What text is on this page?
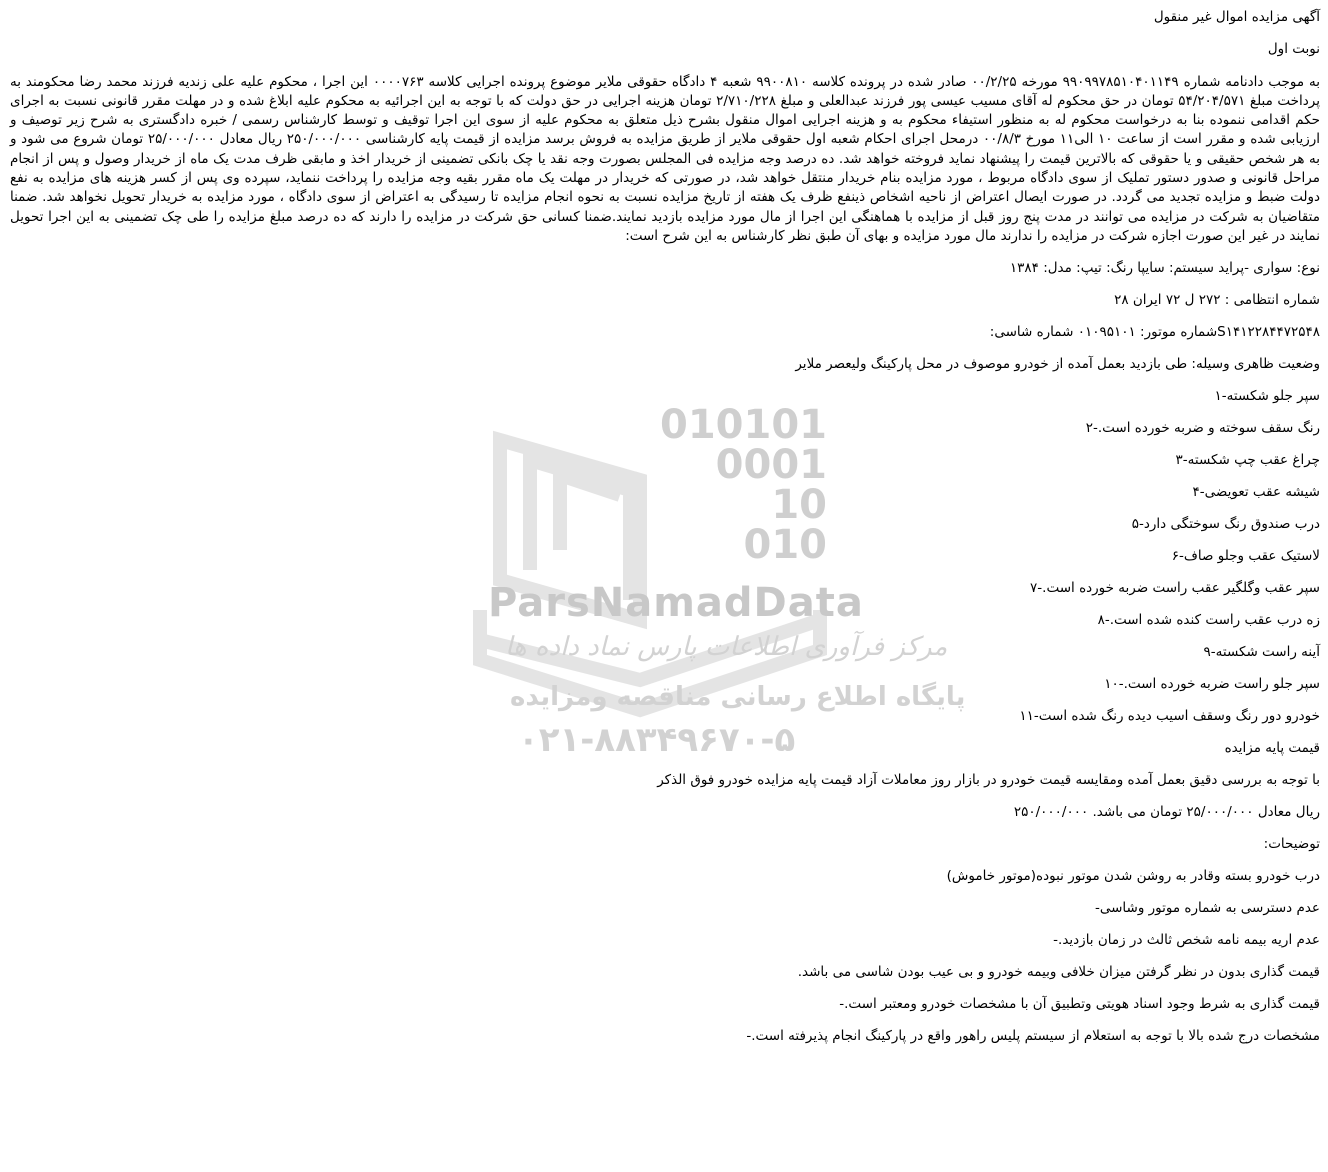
010101
0001
10
010
ParsNamadData
مرکز فرآوری اطلاعات پارس نماد داده ها
پایگاه اطلاع رسانی مناقصه ومزایده
۰۲۱-۸۸۳۴۹۶۷۰-۵

آگهی مزایده اموال غیر منقول

نوبت اول

به موجب دادنامه شماره ۹۹۰۹۹۷۸۵۱۰۴۰۱۱۴۹ مورخه ۰۰/۲/۲۵ صادر شده در پرونده کلاسه ۹۹۰۰۸۱۰ شعبه ۴ دادگاه حقوقی ملایر موضوع پرونده اجرایی کلاسه ۰۰۰۰۷۶۳ این اجرا ، محکوم علیه علی زندیه فرزند محمد رضا محکومند به پرداخت مبلغ ۵۴/۲۰۴/۵۷۱ تومان در حق محکوم له آقای مسیب عیسی پور فرزند عبدالعلی و مبلغ ۲/۷۱۰/۲۲۸ تومان هزینه اجرایی در حق دولت که با توجه به این اجرائیه به محکوم علیه ابلاغ شده و در مهلت مقرر قانونی نسبت به اجرای حکم اقدامی ننموده بنا به درخواست محکوم له به منظور استیفاء محکوم به و هزینه اجرایی اموال منقول بشرح ذیل متعلق به محکوم علیه از سوی این اجرا توقیف و توسط کارشناس رسمی / خبره دادگستری به شرح زیر توصیف و ارزیابی شده و مقرر است از ساعت ۱۰ الی۱۱ مورخ ۰۰/۸/۳ درمحل اجرای احکام شعبه اول حقوقی ملایر از طریق مزایده به فروش برسد مزایده از قیمت پایه کارشناسی ۲۵۰/۰۰۰/۰۰۰ ریال معادل ۲۵/۰۰۰/۰۰۰ تومان شروع می شود و به هر شخص حقیقی و یا حقوقی که بالاترین قیمت را پیشنهاد نماید فروخته خواهد شد. ده درصد وجه مزایده فی المجلس بصورت وجه نقد یا چک بانکی تضمینی از خریدار اخذ و مابقی ظرف مدت یک ماه از خریدار وصول و پس از انجام مراحل قانونی و صدور دستور تملیک از سوی دادگاه مربوط ، مورد مزایده بنام خریدار منتقل خواهد شد، در صورتی که خریدار در مهلت یک ماه مقرر بقیه وجه مزایده را پرداخت ننماید، سپرده وی پس از کسر هزینه های مزایده به نفع دولت ضبط و مزایده تجدید می گردد. در صورت ایصال اعتراض از ناحیه اشخاص ذینفع ظرف یک هفته از تاریخ مزایده نسبت به نحوه انجام مزایده تا رسیدگی به اعتراض از سوی دادگاه ، مورد مزایده به خریدار تحویل نخواهد شد. ضمنا متقاضیان به شرکت در مزایده می توانند در مدت پنج روز قبل از مزایده با هماهنگی این اجرا از مال مورد مزایده بازدید نمایند.ضمنا کسانی حق شرکت در مزایده را دارند که ده درصد مبلغ مزایده را طی چک تضمینی به این اجرا تحویل نمایند در غیر این صورت اجازه شرکت در مزایده را ندارند مال مورد مزایده و بهای آن طبق نظر کارشناس به این شرح است:

نوع: سواری -پراید سیستم: سایپا رنگ: تیپ: مدل: ۱۳۸۴

شماره انتظامی : ۲۷۲ ل ۷۲ ایران ۲۸

S۱۴۱۲۲۸۴۴۷۲۵۴۸شماره موتور: ۰۱۰۹۵۱۰۱ شماره شاسی:

وضعیت ظاهری وسیله: طی بازدید بعمل آمده از خودرو موصوف در محل پارکینگ ولیعصر ملایر

سپر جلو شکسته-۱

رنگ سقف سوخته و ضربه خورده است.-۲

چراغ عقب چپ شکسته-۳

شیشه عقب تعویضی-۴

درب صندوق رنگ سوختگی دارد-۵

لاستیک عقب وجلو صاف-۶

سپر عقب وگلگیر عقب راست ضربه خورده است.-۷

زه درب عقب راست کنده شده است.-۸

آینه راست شکسته-۹

سپر جلو راست ضربه خورده است.-۱۰

خودرو دور رنگ وسقف اسیب دیده رنگ شده است-۱۱

قیمت پایه مزایده

با توجه به بررسی دقیق بعمل آمده ومقایسه قیمت خودرو در بازار روز معاملات آزاد قیمت پایه مزایده خودرو فوق الذکر

ریال معادل ۲۵/۰۰۰/۰۰۰ تومان می باشد. ۲۵۰/۰۰۰/۰۰۰

توضیحات:

درب خودرو بسته وقادر به روشن شدن موتور نبوده(موتور خاموش)

عدم دسترسی به شماره موتور وشاسی-

عدم اریه بیمه نامه شخص ثالث در زمان بازدید.-

قیمت گذاری بدون در نظر گرفتن میزان خلافی وبیمه خودرو و بی عیب بودن شاسی می باشد.

قیمت گذاری به شرط وجود اسناد هویتی وتطبیق آن با مشخصات خودرو ومعتبر است.-

مشخصات درج شده بالا با توجه به استعلام از سیستم پلیس راهور واقع در پارکینگ انجام پذیرفته است.-
